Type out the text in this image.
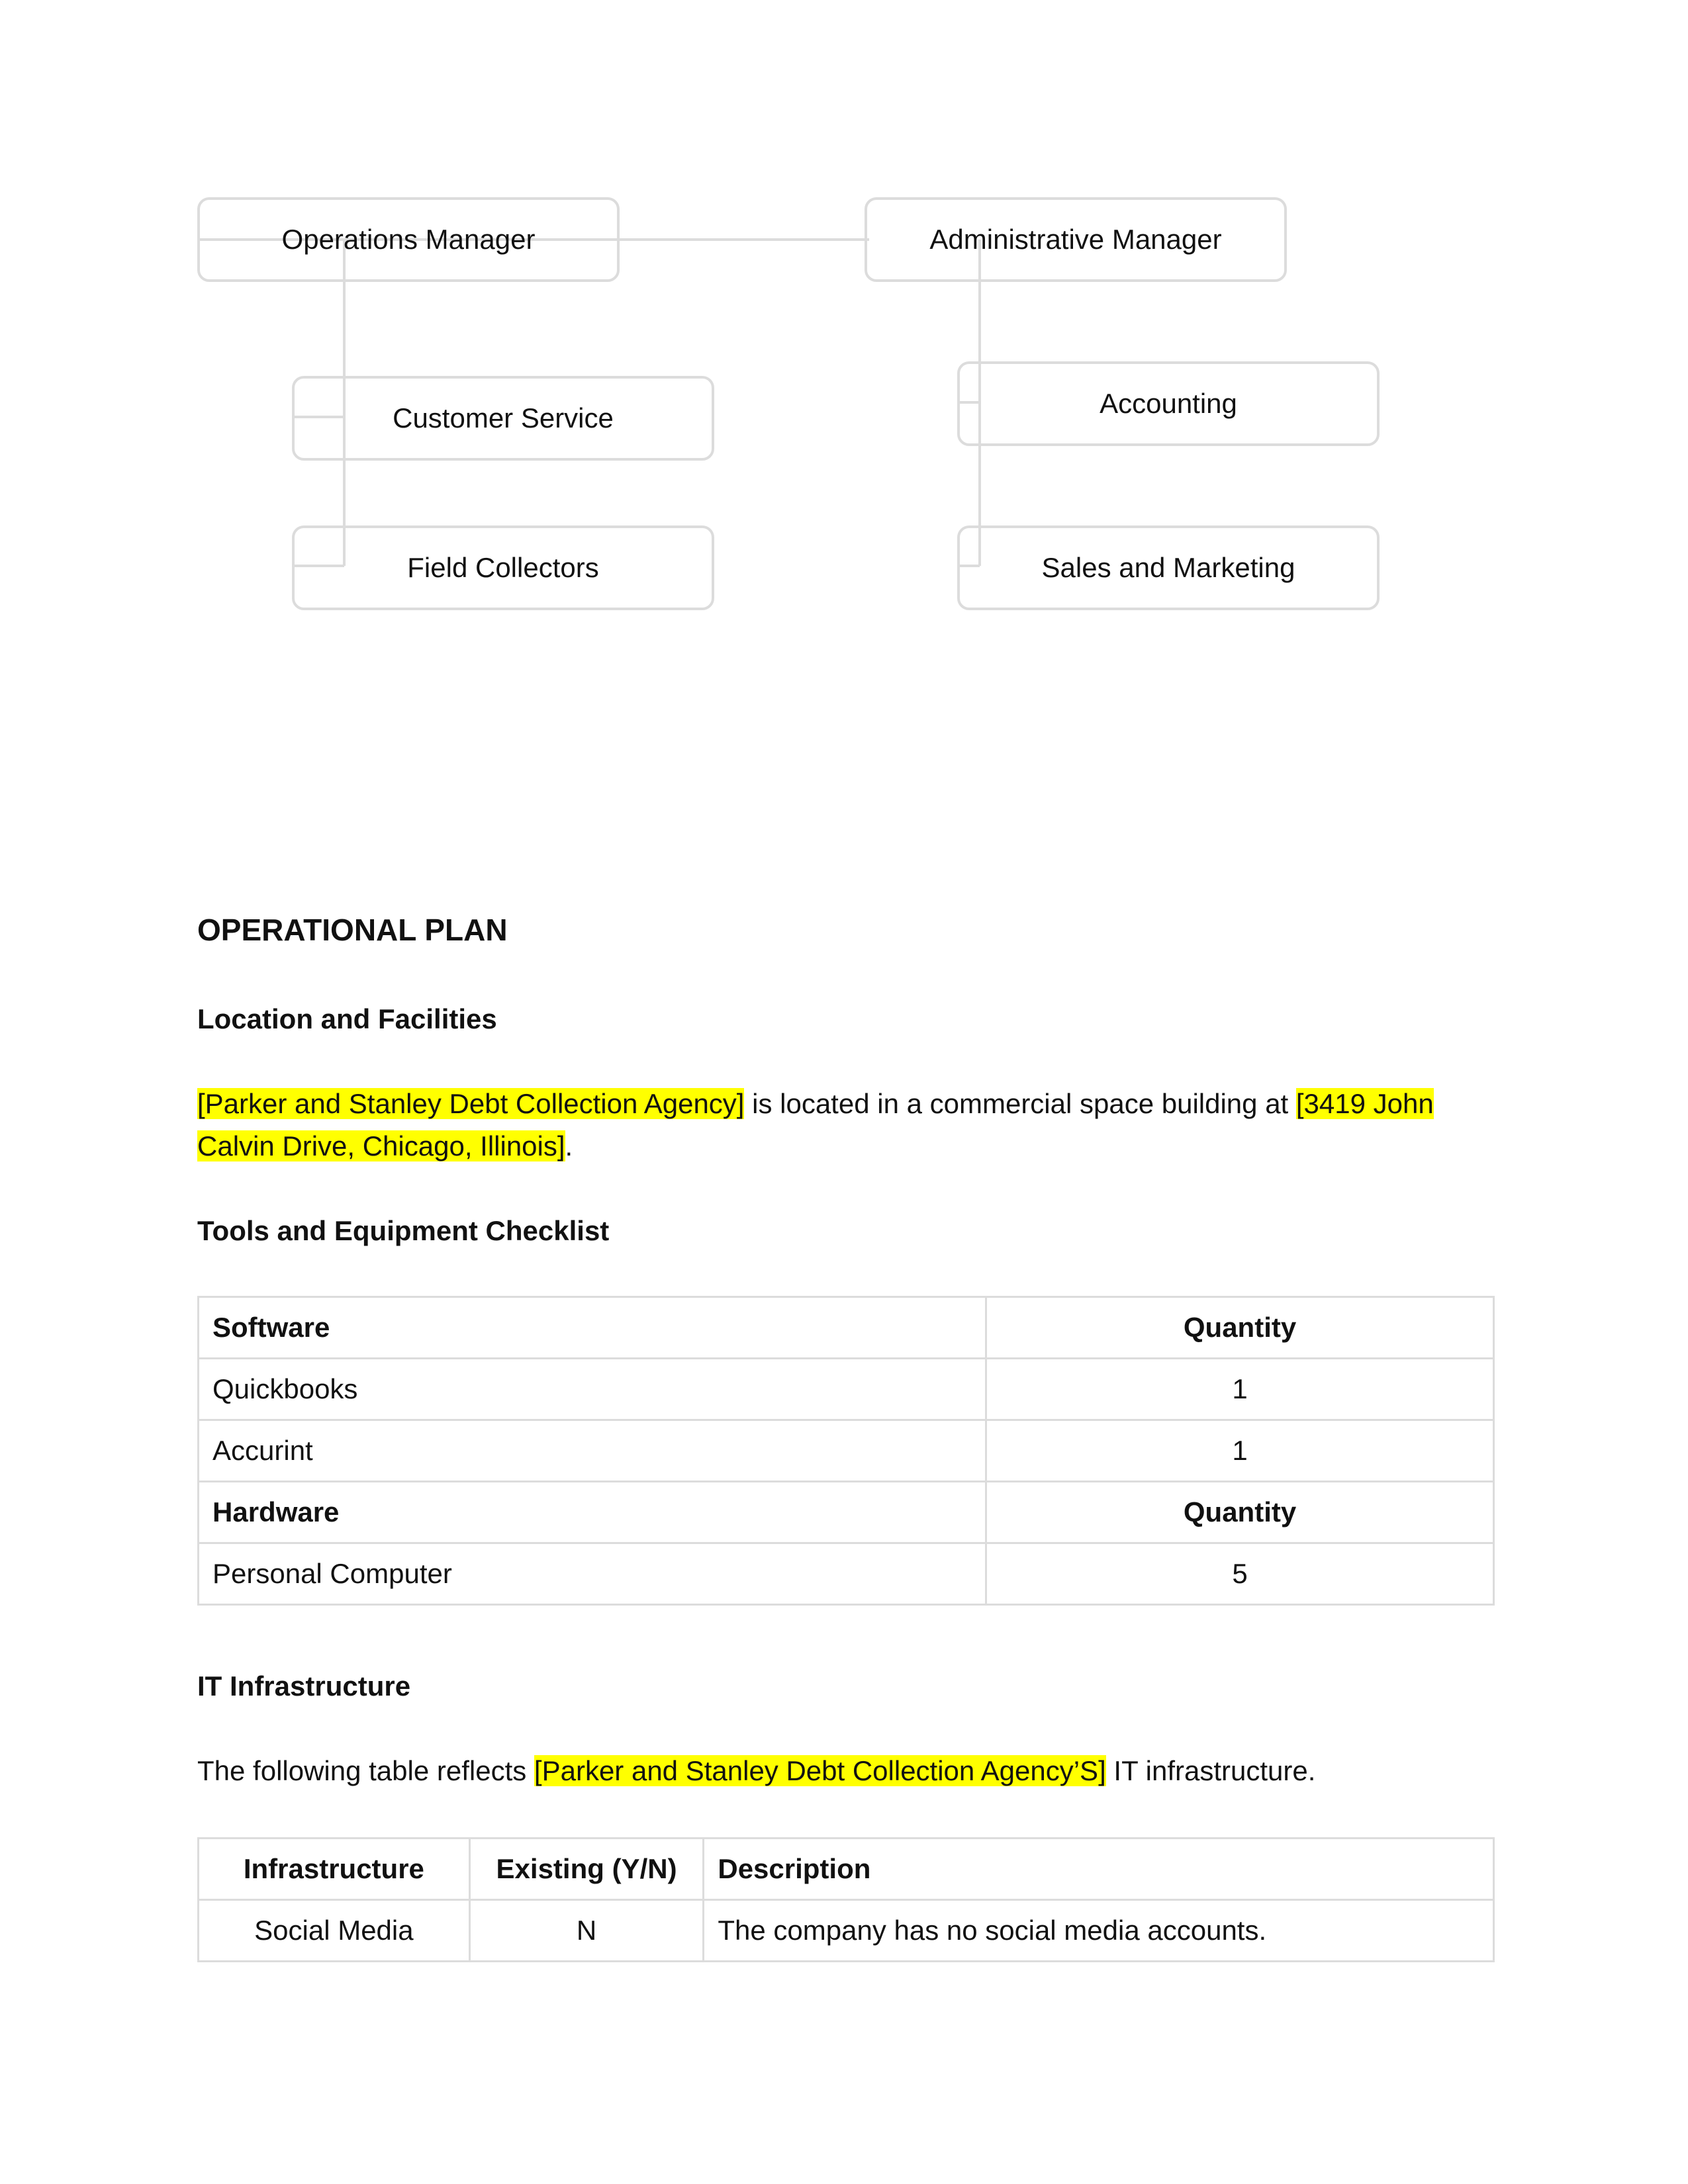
Operations Manager	Administrative Manager
Customer Service
Field Collectors
Accounting
Sales and Marketing
OPERATIONAL PLAN
Location and Facilities
[Parker and Stanley Debt Collection Agency] is located in a commercial space building at [3419 John Calvin Drive, Chicago, Illinois].
Tools and Equipment Checklist
Software	Quantity
Quickbooks	1
Accurint	1
Hardware	Quantity
Personal Computer	5
IT Infrastructure
The following table reflects [Parker and Stanley Debt Collection Agency’S] IT infrastructure.
Infrastructure	Existing (Y/N)	Description
Social Media	N	The company has no social media accounts.
